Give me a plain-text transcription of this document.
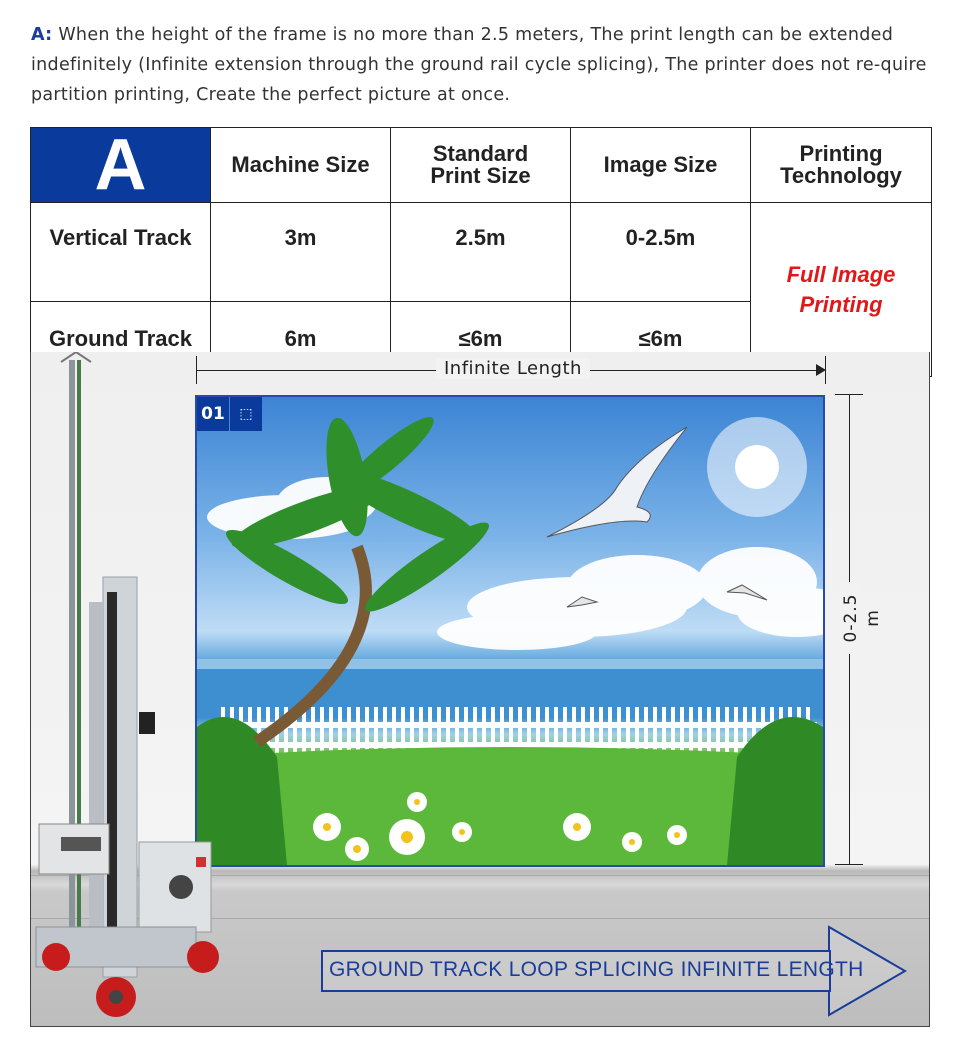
A: When the height of the frame is no more than 2.5 meters, The print length can be extended indefinitely (Infinite extension through the ground rail cycle splicing), The printer does not re-quire partition printing, Create the perfect picture at once.
A	Machine Size	Standard Print Size	Image Size	Printing Technology
Vertical Track	3m	2.5m	0-2.5m	Full Image Printing
Ground Track	6m	≤6m	≤6m	
Infinite Length
01	⬚
0-2.5 m
GROUND TRACK LOOP SPLICING INFINITE LENGTH
